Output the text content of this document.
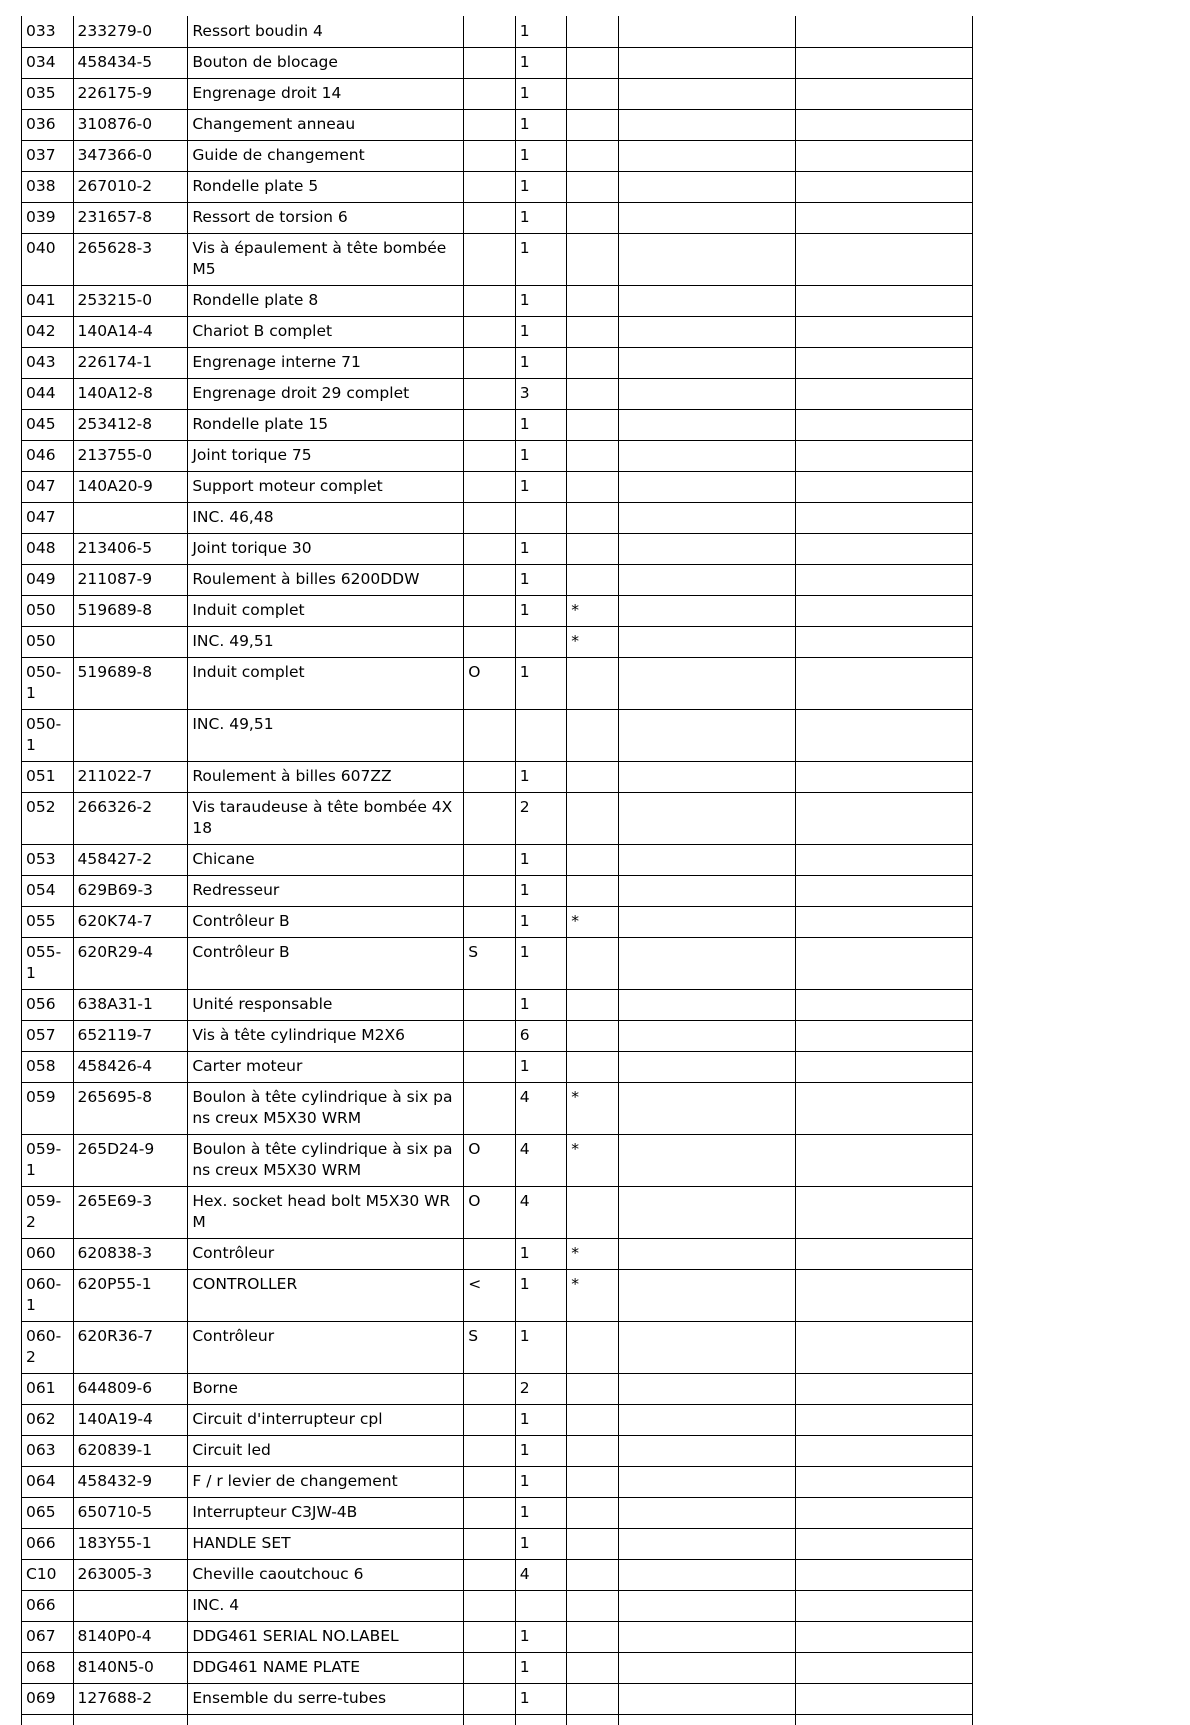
033	233279-0	Ressort boudin 4		1			
034	458434-5	Bouton de blocage		1			
035	226175-9	Engrenage droit 14		1			
036	310876-0	Changement anneau		1			
037	347366-0	Guide de changement		1			
038	267010-2	Rondelle plate 5		1			
039	231657-8	Ressort de torsion 6		1			
040	265628-3	Vis à épaulement à tête bombée M5		1			
041	253215-0	Rondelle plate 8		1			
042	140A14-4	Chariot B complet		1			
043	226174-1	Engrenage interne 71		1			
044	140A12-8	Engrenage droit 29 complet		3			
045	253412-8	Rondelle plate 15		1			
046	213755-0	Joint torique 75		1			
047	140A20-9	Support moteur complet		1			
047		INC. 46,48					
048	213406-5	Joint torique 30		1			
049	211087-9	Roulement à billes 6200DDW		1			
050	519689-8	Induit complet		1	*		
050		INC. 49,51			*		
050-1	519689-8	Induit complet	O	1			
050-1		INC. 49,51					
051	211022-7	Roulement à billes 607ZZ		1			
052	266326-2	Vis taraudeuse à tête bombée 4X 18		2			
053	458427-2	Chicane		1			
054	629B69-3	Redresseur		1			
055	620K74-7	Contrôleur B		1	*		
055-1	620R29-4	Contrôleur B	S	1			
056	638A31-1	Unité responsable		1			
057	652119-7	Vis à tête cylindrique M2X6		6			
058	458426-4	Carter moteur		1			
059	265695-8	Boulon à tête cylindrique à six pans creux M5X30 WRM		4	*		
059-1	265D24-9	Boulon à tête cylindrique à six pans creux M5X30 WRM	O	4	*		
059-2	265E69-3	Hex. socket head bolt M5X30 WRM	O	4			
060	620838-3	Contrôleur		1	*		
060-1	620P55-1	CONTROLLER	<	1	*		
060-2	620R36-7	Contrôleur	S	1			
061	644809-6	Borne		2			
062	140A19-4	Circuit d'interrupteur cpl		1			
063	620839-1	Circuit led		1			
064	458432-9	F / r levier de changement		1			
065	650710-5	Interrupteur C3JW-4B		1			
066	183Y55-1	HANDLE SET		1			
C10	263005-3	Cheville caoutchouc 6		4			
066		INC. 4					
067	8140P0-4	DDG461 SERIAL NO.LABEL		1			
068	8140N5-0	DDG461 NAME PLATE		1			
069	127688-2	Ensemble du serre-tubes		1			
